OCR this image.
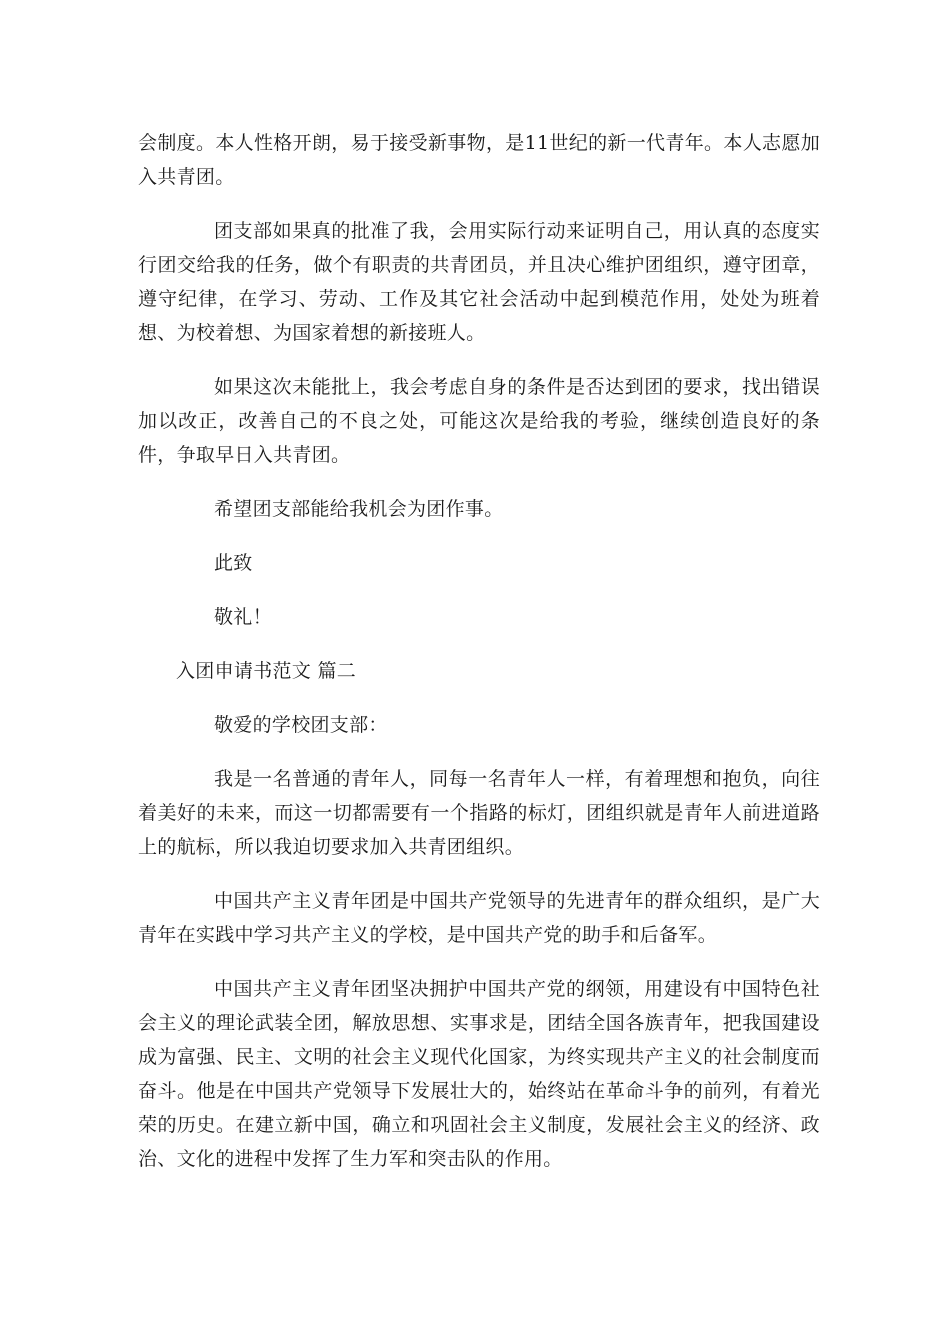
会制度。本人性格开朗，易于接受新事物，是11世纪的新一代青年。本人志愿加入共青团。

团支部如果真的批准了我，会用实际行动来证明自己，用认真的态度实行团交给我的任务，做个有职责的共青团员，并且决心维护团组织，遵守团章，遵守纪律，在学习、劳动、工作及其它社会活动中起到模范作用，处处为班着想、为校着想、为国家着想的新接班人。

如果这次未能批上，我会考虑自身的条件是否达到团的要求，找出错误加以改正，改善自己的不良之处，可能这次是给我的考验，继续创造良好的条件，争取早日入共青团。

希望团支部能给我机会为团作事。

此致

敬礼！

入团申请书范文 篇二

敬爱的学校团支部：

我是一名普通的青年人，同每一名青年人一样，有着理想和抱负，向往着美好的未来，而这一切都需要有一个指路的标灯，团组织就是青年人前进道路上的航标，所以我迫切要求加入共青团组织。

中国共产主义青年团是中国共产党领导的先进青年的群众组织，是广大青年在实践中学习共产主义的学校，是中国共产党的助手和后备军。

中国共产主义青年团坚决拥护中国共产党的纲领，用建设有中国特色社会主义的理论武装全团，解放思想、实事求是，团结全国各族青年，把我国建设成为富强、民主、文明的社会主义现代化国家，为终实现共产主义的社会制度而奋斗。他是在中国共产党领导下发展壮大的，始终站在革命斗争的前列，有着光荣的历史。在建立新中国，确立和巩固社会主义制度，发展社会主义的经济、政治、文化的进程中发挥了生力军和突击队的作用。
